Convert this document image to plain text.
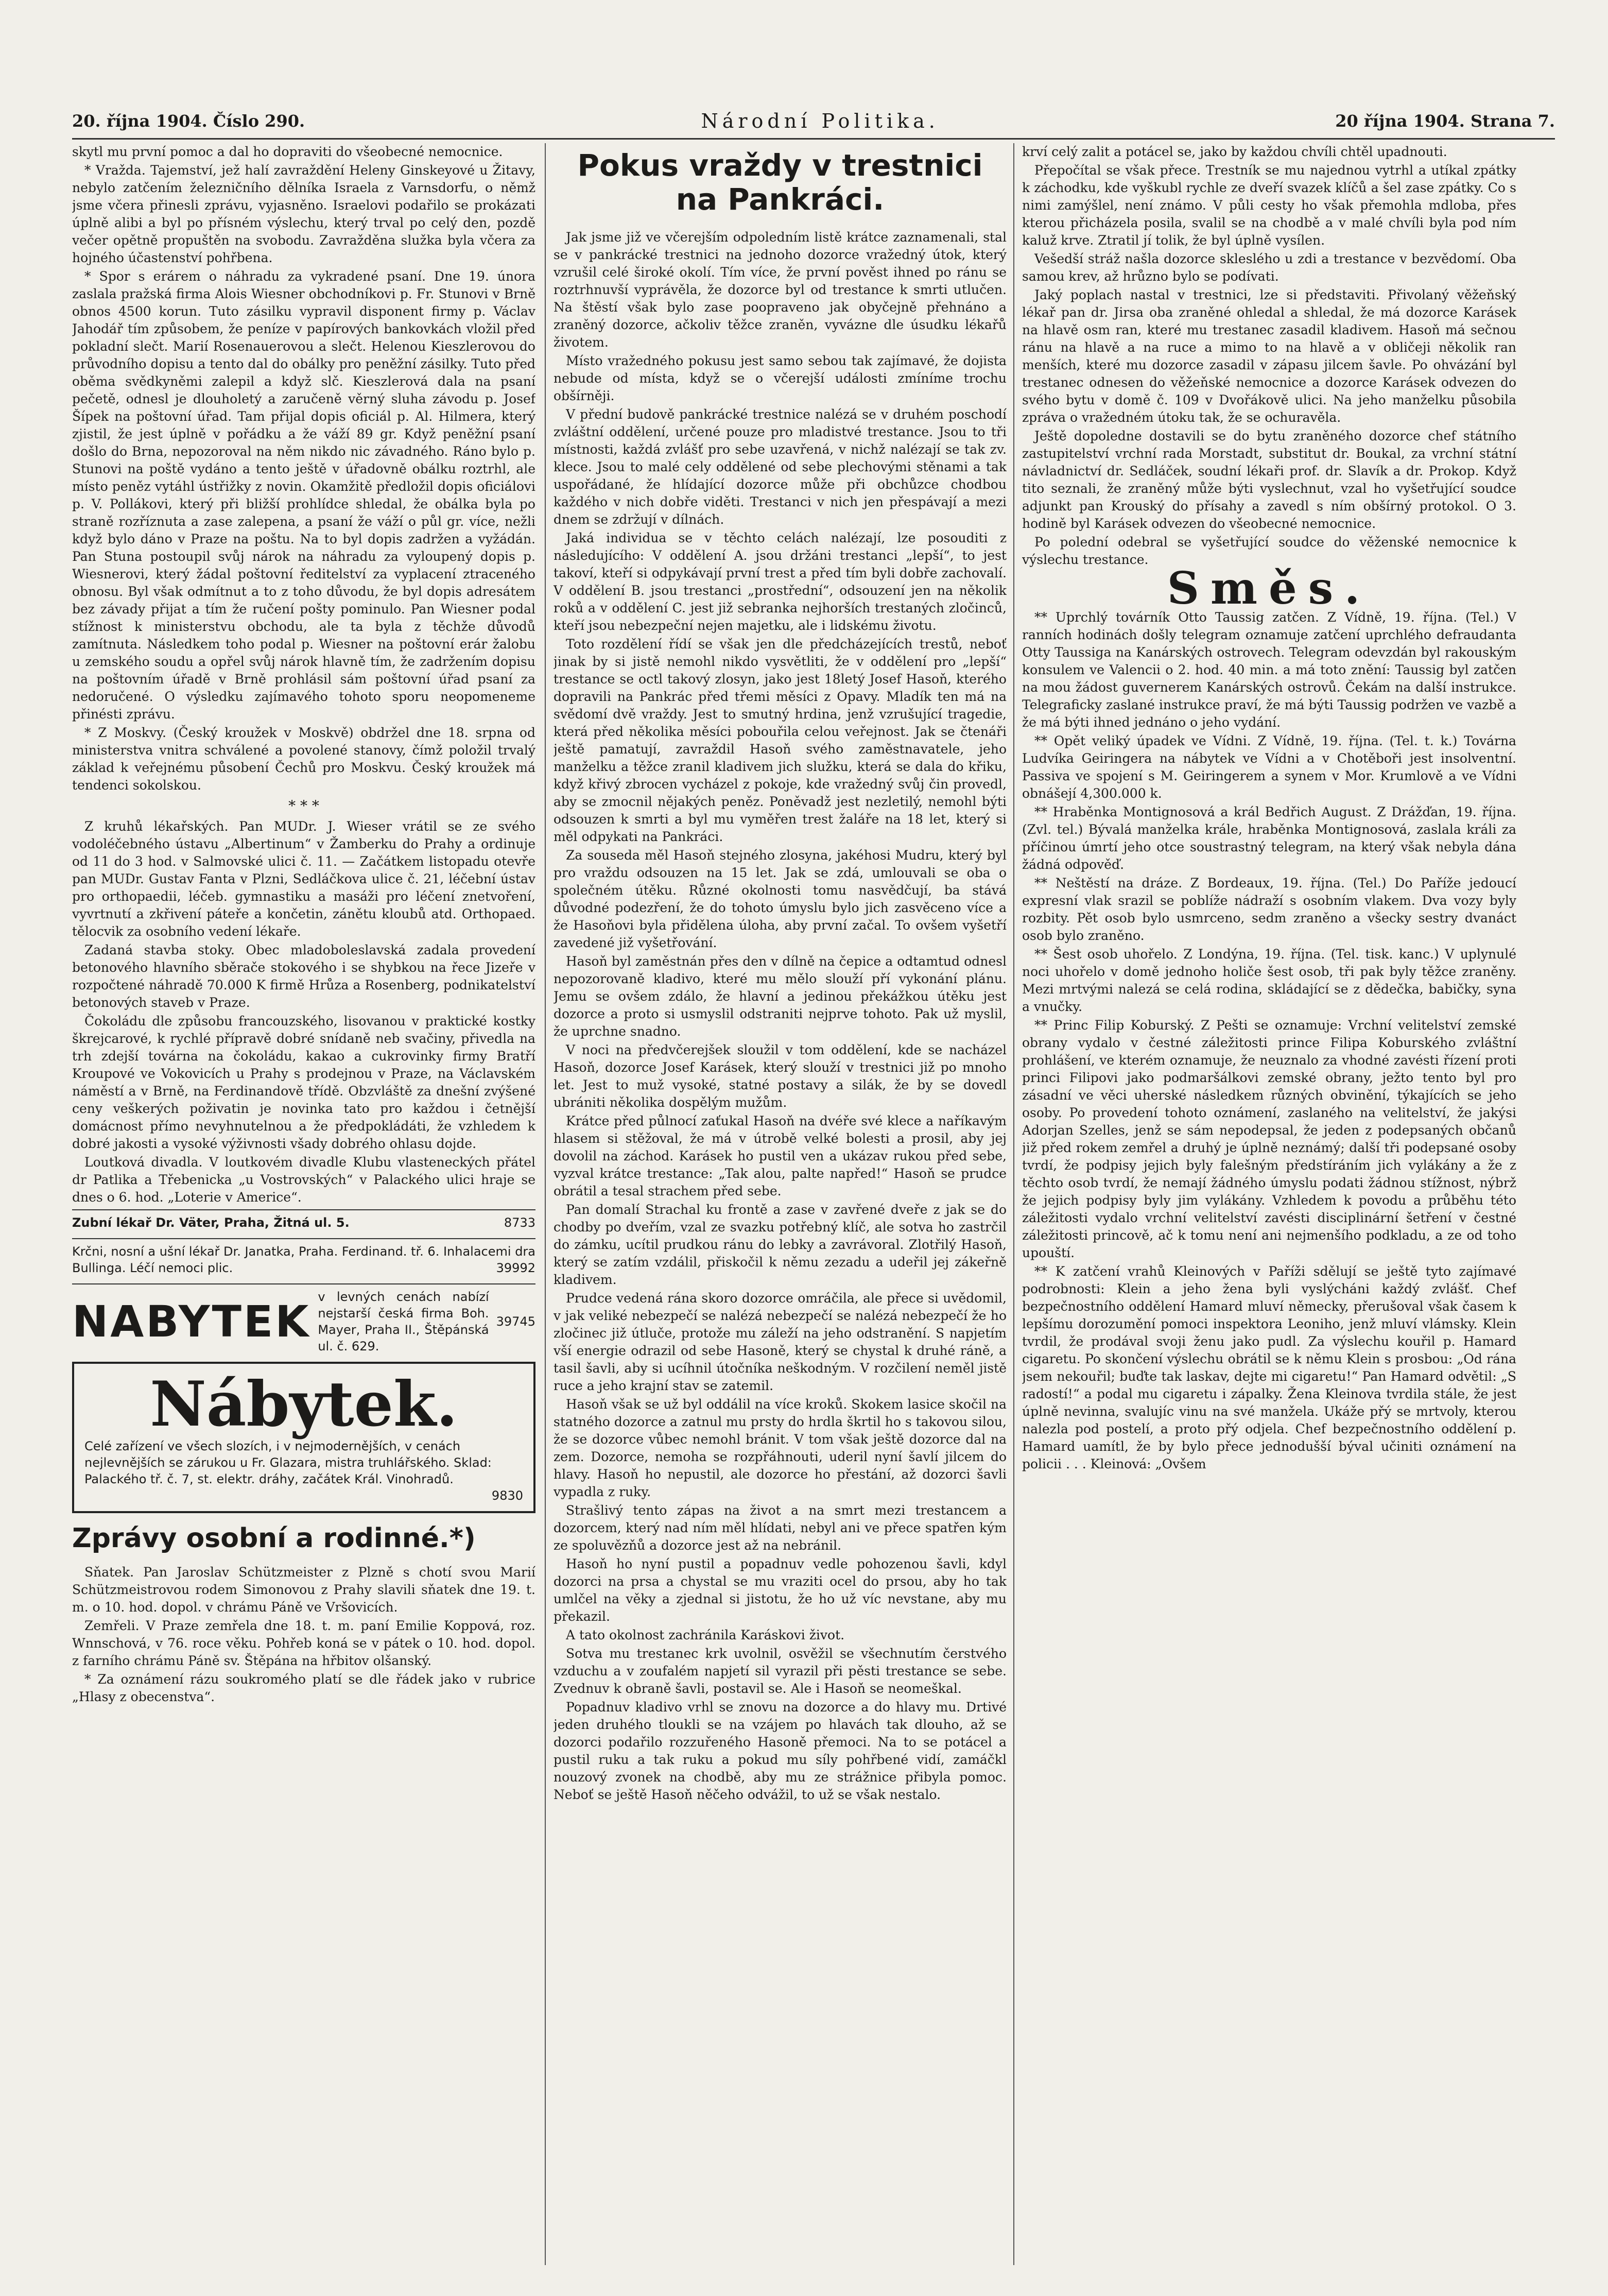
20. října 1904. Číslo 290.	Národní Politika.	20 října 1904. Strana 7.

skytl mu první pomoc a dal ho dopraviti do všeobecné nemocnice.

* Vražda. Tajemství, jež halí zavraždění Heleny Ginskeyové u Žitavy, nebylo zatčením železničního dělníka Israela z Varnsdorfu, o němž jsme včera přinesli zprávu, vyjasněno. Israelovi podařilo se prokázati úplně alibi a byl po přísném výslechu, který trval po celý den, pozdě večer opětně propuštěn na svobodu. Zavražděna služka byla včera za hojného účastenství pohřbena.

* Spor s erárem o náhradu za vykradené psaní. Dne 19. února zaslala pražská firma Alois Wiesner obchodníkovi p. Fr. Stunovi v Brně obnos 4500 korun. Tuto zásilku vypravil disponent firmy p. Václav Jahodář tím způsobem, že peníze v papírových bankovkách vložil před pokladní slečt. Marií Rosenauerovou a slečt. Helenou Kieszlerovou do průvodního dopisu a tento dal do obálky pro peněžní zásilky. Tuto před oběma svědkyněmi zalepil a když slč. Kieszlerová dala na psaní pečetě, odnesl je dlouholetý a zaručeně věrný sluha závodu p. Josef Šípek na poštovní úřad. Tam přijal dopis oficiál p. Al. Hilmera, který zjistil, že jest úplně v pořádku a že váží 89 gr. Když peněžní psaní došlo do Brna, nepozoroval na něm nikdo nic závadného. Ráno bylo p. Stunovi na poště vydáno a tento ještě v úřadovně obálku roztrhl, ale místo peněz vytáhl ústřižky z novin. Okamžitě předložil dopis oficiálovi p. V. Pollákovi, který při bližší prohlídce shledal, že obálka byla po straně rozříznuta a zase zalepena, a psaní že váží o půl gr. více, nežli když bylo dáno v Praze na poštu. Na to byl dopis zadržen a vyžádán. Pan Stuna postoupil svůj nárok na náhradu za vyloupený dopis p. Wiesnerovi, který žádal poštovní ředitelství za vyplacení ztraceného obnosu. Byl však odmítnut a to z toho důvodu, že byl dopis adresátem bez závady přijat a tím že ručení pošty pominulo. Pan Wiesner podal stížnost k ministerstvu obchodu, ale ta byla z těchže důvodů zamítnuta. Následkem toho podal p. Wiesner na poštovní erár žalobu u zemského soudu a opřel svůj nárok hlavně tím, že zadržením dopisu na poštovním úřadě v Brně prohlásil sám poštovní úřad psaní za nedoručené. O výsledku zajímavého tohoto sporu neopomeneme přinésti zprávu.

* Z Moskvy. (Český kroužek v Moskvě) obdržel dne 18. srpna od ministerstva vnitra schválené a povolené stanovy, čímž položil trvalý základ k veřejnému působení Čechů pro Moskvu. Český kroužek má tendenci sokolskou.

* * *

Z kruhů lékařských. Pan MUDr. J. Wieser vrátil se ze svého vodoléčebného ústavu „Albertinum“ v Žamberku do Prahy a ordinuje od 11 do 3 hod. v Salmovské ulici č. 11. — Začátkem listopadu otevře pan MUDr. Gustav Fanta v Plzni, Sedláčkova ulice č. 21, léčební ústav pro orthopaedii, léčeb. gymnastiku a masáži pro léčení znetvoření, vyvrtnutí a zkřivení páteře a končetin, zánětu kloubů atd. Orthopaed. tělocvik za osobního vedení lékaře.

Zadaná stavba stoky. Obec mladoboleslavská zadala provedení betonového hlavního sběrače stokového i se shybkou na řece Jizeře v rozpočtené náhradě 70.000 K firmě Hrůza a Rosenberg, podnikatelství betonových staveb v Praze.

Čokoládu dle způsobu francouzského, lisovanou v praktické kostky škrejcarové, k rychlé přípravě dobré snídaně neb svačiny, přivedla na trh zdejší továrna na čokoládu, kakao a cukrovinky firmy Bratří Kroupové ve Vokovicích u Prahy s prodejnou v Praze, na Václavském náměstí a v Brně, na Ferdinandově třídě. Obzvláště za dnešní zvýšené ceny veškerých poživatin je novinka tato pro každou i četnější domácnost přímo nevyhnutelnou a že předpokládáti, že vzhledem k dobré jakosti a vysoké výživnosti všady dobrého ohlasu dojde.

Loutková divadla. V loutkovém divadle Klubu vlasteneckých přátel dr Patlika a Třebenicka „u Vostrovských“ v Palackého ulici hraje se dnes o 6. hod. „Loterie v Americe“.

Zubní lékař Dr. Väter, Praha, Žitná ul. 5.	8733
Krčni, nosní a ušní lékař Dr. Janatka, Praha. Ferdinand. tř. 6. Inhalacemi dra Bullinga. Léčí nemoci plic.	39992
NABYTEK v levných cenách nabízí nejstarší česká firma Boh. Mayer, Praha II., Štěpánská ul. č. 629.
39745
Nábytek.
Celé zařízení ve všech slozích, i v nejmodernějších, v cenách nejlevnějších se zárukou u Fr. Glazara, mistra truhlářského. Sklad: Palackého tř. č. 7, st. elektr. dráhy, začátek Král. Vinohradů.
9830
Zprávy osobní a rodinné.*)

Sňatek. Pan Jaroslav Schützmeister z Plzně s chotí svou Marií Schützmeistrovou rodem Simonovou z Prahy slavili sňatek dne 19. t. m. o 10. hod. dopol. v chrámu Páně ve Vršovicích.

Zemřeli. V Praze zemřela dne 18. t. m. paní Emilie Koppová, roz. Wnnschová, v 76. roce věku. Pohřeb koná se v pátek o 10. hod. dopol. z farního chrámu Páně sv. Štěpána na hřbitov olšanský.

* Za oznámení rázu soukromého platí se dle řádek jako v rubrice „Hlasy z obecenstva“.

Pokus vraždy v trestnici na Pankráci.

Jak jsme již ve včerejším odpoledním listě krátce zaznamenali, stal se v pankrácké trestnici na jednoho dozorce vražedný útok, který vzrušil celé široké okolí. Tím více, že první pověst ihned po ránu se roztrhnuvší vyprávěla, že dozorce byl od trestance k smrti utlučen. Na štěstí však bylo zase poopraveno jak obyčejně přehnáno a zraněný dozorce, ačkoliv těžce zraněn, vyvázne dle úsudku lékařů životem.

Místo vražedného pokusu jest samo sebou tak zajímavé, že dojista nebude od místa, když se o včerejší události zmíníme trochu obšírněji.

V přední budově pankrácké trestnice nalézá se v druhém poschodí zvláštní oddělení, určené pouze pro mladistvé trestance. Jsou to tři místnosti, každá zvlášť pro sebe uzavřená, v nichž nalézají se tak zv. klece. Jsou to malé cely oddělené od sebe plechovými stěnami a tak uspořádané, že hlídající dozorce může při obchůzce chodbou každého v nich dobře viděti. Trestanci v nich jen přespávají a mezi dnem se zdržují v dílnách.

Jaká individua se v těchto celách nalézají, lze posouditi z následujícího: V oddělení A. jsou držáni trestanci „lepší“, to jest takoví, kteří si odpykávají první trest a před tím byli dobře zachovalí. V oddělení B. jsou trestanci „prostřední“, odsouzení jen na několik roků a v oddělení C. jest již sebranka nejhorších trestaných zločinců, kteří jsou nebezpeční nejen majetku, ale i lidskému životu.

Toto rozdělení řídí se však jen dle předcházejících trestů, neboť jinak by si jistě nemohl nikdo vysvětliti, že v oddělení pro „lepší“ trestance se octl takový zlosyn, jako jest 18letý Josef Hasoň, kterého dopravili na Pankrác před třemi měsíci z Opavy. Mladík ten má na svědomí dvě vraždy. Jest to smutný hrdina, jenž vzrušující tragedie, která před několika měsíci pobouřila celou veřejnost. Jak se čtenáři ještě pamatují, zavraždil Hasoň svého zaměstnavatele, jeho manželku a těžce zranil kladivem jich služku, která se dala do křiku, když křivý zbrocen vycházel z pokoje, kde vražedný svůj čin provedl, aby se zmocnil nějakých peněz. Poněvadž jest nezletilý, nemohl býti odsouzen k smrti a byl mu vyměřen trest žaláře na 18 let, který si měl odpykati na Pankráci.

Za souseda měl Hasoň stejného zlosyna, jakéhosi Mudru, který byl pro vraždu odsouzen na 15 let. Jak se zdá, umlouvali se oba o společném útěku. Různé okolnosti tomu nasvědčují, ba stává důvodné podezření, že do tohoto úmyslu bylo jich zasvěceno více a že Hasoňovi byla přidělena úloha, aby první začal. To ovšem vyšetří zavedené již vyšetřování.

Hasoň byl zaměstnán přes den v dílně na čepice a odtamtud odnesl nepozorovaně kladivo, které mu mělo slouží pří vykonání plánu. Jemu se ovšem zdálo, že hlavní a jedinou překážkou útěku jest dozorce a proto si usmyslil odstraniti nejprve tohoto. Pak už myslil, že uprchne snadno.

V noci na předvčerejšek sloužil v tom oddělení, kde se nacházel Hasoň, dozorce Josef Karásek, který slouží v trestnici již po mnoho let. Jest to muž vysoké, statné postavy a silák, že by se dovedl ubrániti několika dospělým mužům.

Krátce před půlnocí zaťukal Hasoň na dvéře své klece a naříkavým hlasem si stěžoval, že má v útrobě velké bolesti a prosil, aby jej dovolil na záchod. Karásek ho pustil ven a ukázav rukou před sebe, vyzval krátce trestance: „Tak alou, palte napřed!“ Hasoň se prudce obrátil a tesal strachem před sebe.

Pan domalí Strachal ku frontě a zase v zavřené dveře z jak se do chodby po dveřím, vzal ze svazku potřebný klíč, ale sotva ho zastrčil do zámku, ucítil prudkou ránu do lebky a zavrávoral. Zlotřilý Hasoň, který se zatím vzdálil, přiskočil k němu zezadu a udeřil jej zákeřně kladivem.

Prudce vedená rána skoro dozorce omráčila, ale přece si uvědomil, v jak veliké nebezpečí se nalézá nebezpečí se nalézá nebezpečí že ho zločinec již útluče, protože mu záleží na jeho odstranění. S napjetím vší energie odrazil od sebe Hasoně, který se chystal k druhé ráně, a tasil šavli, aby si ucíhnil útočníka neškodným. V rozčilení neměl jistě ruce a jeho krajní stav se zatemil.

Hasoň však se už byl oddálil na více kroků. Skokem lasice skočil na statného dozorce a zatnul mu prsty do hrdla škrtil ho s takovou silou, že se dozorce vůbec nemohl bránit. V tom však ještě dozorce dal na zem. Dozorce, nemoha se rozpřáhnouti, uderil nyní šavlí jilcem do hlavy. Hasoň ho nepustil, ale dozorce ho přestání, až dozorci šavli vypadla z ruky.

Strašlivý tento zápas na život a na smrt mezi trestancem a dozorcem, který nad ním měl hlídati, nebyl ani ve přece spatřen kým ze spoluvězňů a dozorce jest až na nebránil.

Hasoň ho nyní pustil a popadnuv vedle pohozenou šavli, kdyl dozorci na prsa a chystal se mu vraziti ocel do prsou, aby ho tak umlčel na věky a zjednal si jistotu, že ho už víc nevstane, aby mu překazil.

A tato okolnost zachránila Karáskovi život.

Sotva mu trestanec krk uvolnil, osvěžil se všechnutím čerstvého vzduchu a v zoufalém napjetí sil vyrazil při pěsti trestance se sebe. Zvednuv k obraně šavli, postavil se. Ale i Hasoň se neomeškal.

Popadnuv kladivo vrhl se znovu na dozorce a do hlavy mu. Drtivé jeden druhého tloukli se na vzájem po hlavách tak dlouho, až se dozorci podařilo rozzuřeného Hasoně přemoci. Na to se potácel a pustil ruku a tak ruku a pokud mu síly pohřbené vidí, zamáčkl nouzový zvonek na chodbě, aby mu ze strážnice přibyla pomoc. Neboť se ještě Hasoň něčeho odvážil, to už se však nestalo.

krví celý zalit a potácel se, jako by každou chvíli chtěl upadnouti.

Přepočítal se však přece. Trestník se mu najednou vytrhl a utíkal zpátky k záchodku, kde vyškubl rychle ze dveří svazek klíčů a šel zase zpátky. Co s nimi zamýšlel, není známo. V půli cesty ho však přemohla mdloba, přes kterou přicházela posila, svalil se na chodbě a v malé chvíli byla pod ním kaluž krve. Ztratil jí tolik, že byl úplně vysílen.

Vešedší stráž našla dozorce skleslého u zdi a trestance v bezvědomí. Oba samou krev, až hrůzno bylo se podívati.

Jaký poplach nastal v trestnici, lze si představiti. Přivolaný věžeňský lékař pan dr. Jirsa oba zraněné ohledal a shledal, že má dozorce Karásek na hlavě osm ran, které mu trestanec zasadil kladivem. Hasoň má sečnou ránu na hlavě a na ruce a mimo to na hlavě a v obličeji několik ran menších, které mu dozorce zasadil v zápasu jilcem šavle. Po ohvázání byl trestanec odnesen do věžeňské nemocnice a dozorce Karásek odvezen do svého bytu v domě č. 109 v Dvořákově ulici. Na jeho manželku působila zpráva o vražedném útoku tak, že se ochuravěla.

Ještě dopoledne dostavili se do bytu zraněného dozorce chef státního zastupitelství vrchní rada Morstadt, substitut dr. Boukal, za vrchní státní návladnictví dr. Sedláček, soudní lékaři prof. dr. Slavík a dr. Prokop. Když tito seznali, že zraněný může býti vyslechnut, vzal ho vyšetřující soudce adjunkt pan Krouský do přísahy a zavedl s ním obšírný protokol. O 3. hodině byl Karásek odvezen do všeobecné nemocnice.

Po polední odebral se vyšetřující soudce do věženské nemocnice k výslechu trestance.

Směs.

** Uprchlý továrník Otto Taussig zatčen. Z Vídně, 19. října. (Tel.) V ranních hodinách došly telegram oznamuje zatčení uprchlého defraudanta Otty Taussiga na Kanárských ostrovech. Telegram odevzdán byl rakouským konsulem ve Valencii o 2. hod. 40 min. a má toto znění: Taussig byl zatčen na mou žádost guvernerem Kanárských ostrovů. Čekám na další instrukce. Telegraficky zaslané instrukce praví, že má býti Taussig podržen ve vazbě a že má býti ihned jednáno o jeho vydání.

** Opět veliký úpadek ve Vídni. Z Vídně, 19. října. (Tel. t. k.) Továrna Ludvíka Geiringera na nábytek ve Vídni a v Chotěboři jest insolventní. Passiva ve spojení s M. Geiringerem a synem v Mor. Krumlově a ve Vídni obnášejí 4,300.000 k.

** Hraběnka Montignosová a král Bedřich August. Z Drážďan, 19. října. (Zvl. tel.) Bývalá manželka krále, hraběnka Montignosová, zaslala králi za příčinou úmrtí jeho otce soustrastný telegram, na který však nebyla dána žádná odpověď.

** Neštěstí na dráze. Z Bordeaux, 19. října. (Tel.) Do Paříže jedoucí expresní vlak srazil se poblíže nádraží s osobním vlakem. Dva vozy byly rozbity. Pět osob bylo usmrceno, sedm zraněno a všecky sestry dvanáct osob bylo zraněno.

** Šest osob uhořelo. Z Londýna, 19. října. (Tel. tisk. kanc.) V uplynulé noci uhořelo v domě jednoho holiče šest osob, tři pak byly těžce zraněny. Mezi mrtvými nalezá se celá rodina, skládající se z dědečka, babičky, syna a vnučky.

** Princ Filip Koburský. Z Pešti se oznamuje: Vrchní velitelství zemské obrany vydalo v čestné záležitosti prince Filipa Koburského zvláštní prohlášení, ve kterém oznamuje, že neuznalo za vhodné zavésti řízení proti princi Filipovi jako podmaršálkovi zemské obrany, ježto tento byl pro zásadní ve věci uherské následkem různých obvinění, týkajících se jeho osoby. Po provedení tohoto oznámení, zaslaného na velitelství, že jakýsi Adorjan Szelles, jenž se sám nepodepsal, že jeden z podepsaných občanů již před rokem zemřel a druhý je úplně neznámý; další tři podepsané osoby tvrdí, že podpisy jejich byly falešným předstíráním jich vylákány a že z těchto osob tvrdí, že nemají žádného úmyslu podati žádnou stížnost, nýbrž že jejich podpisy byly jim vylákány. Vzhledem k povodu a průběhu této záležitosti vydalo vrchní velitelství zavésti disciplinární šetření v čestné záležitosti princově, ač k tomu není ani nejmenšího podkladu, a ze od toho upouští.

** K zatčení vrahů Kleinových v Paříži sdělují se ještě tyto zajímavé podrobnosti: Klein a jeho žena byli vyslýcháni každý zvlášť. Chef bezpečnostního oddělení Hamard mluví německy, přerušoval však časem k lepšímu dorozumění pomoci inspektora Leoniho, jenž mluví vlámsky. Klein tvrdil, že prodával svoji ženu jako pudl. Za výslechu kouřil p. Hamard cigaretu. Po skončení výslechu obrátil se k němu Klein s prosbou: „Od rána jsem nekouřil; buďte tak laskav, dejte mi cigaretu!“ Pan Hamard odvětil: „S radostí!“ a podal mu cigaretu i zápalky. Žena Kleinova tvrdila stále, že jest úplně nevinna, svalujíc vinu na své manžela. Ukáže přý se mrtvoly, kterou nalezla pod postelí, a proto přý odjela. Chef bezpečnostního oddělení p. Hamard uamítl, že by bylo přece jednodušší býval učiniti oznámení na policii . . . Kleinová: „Ovšem
